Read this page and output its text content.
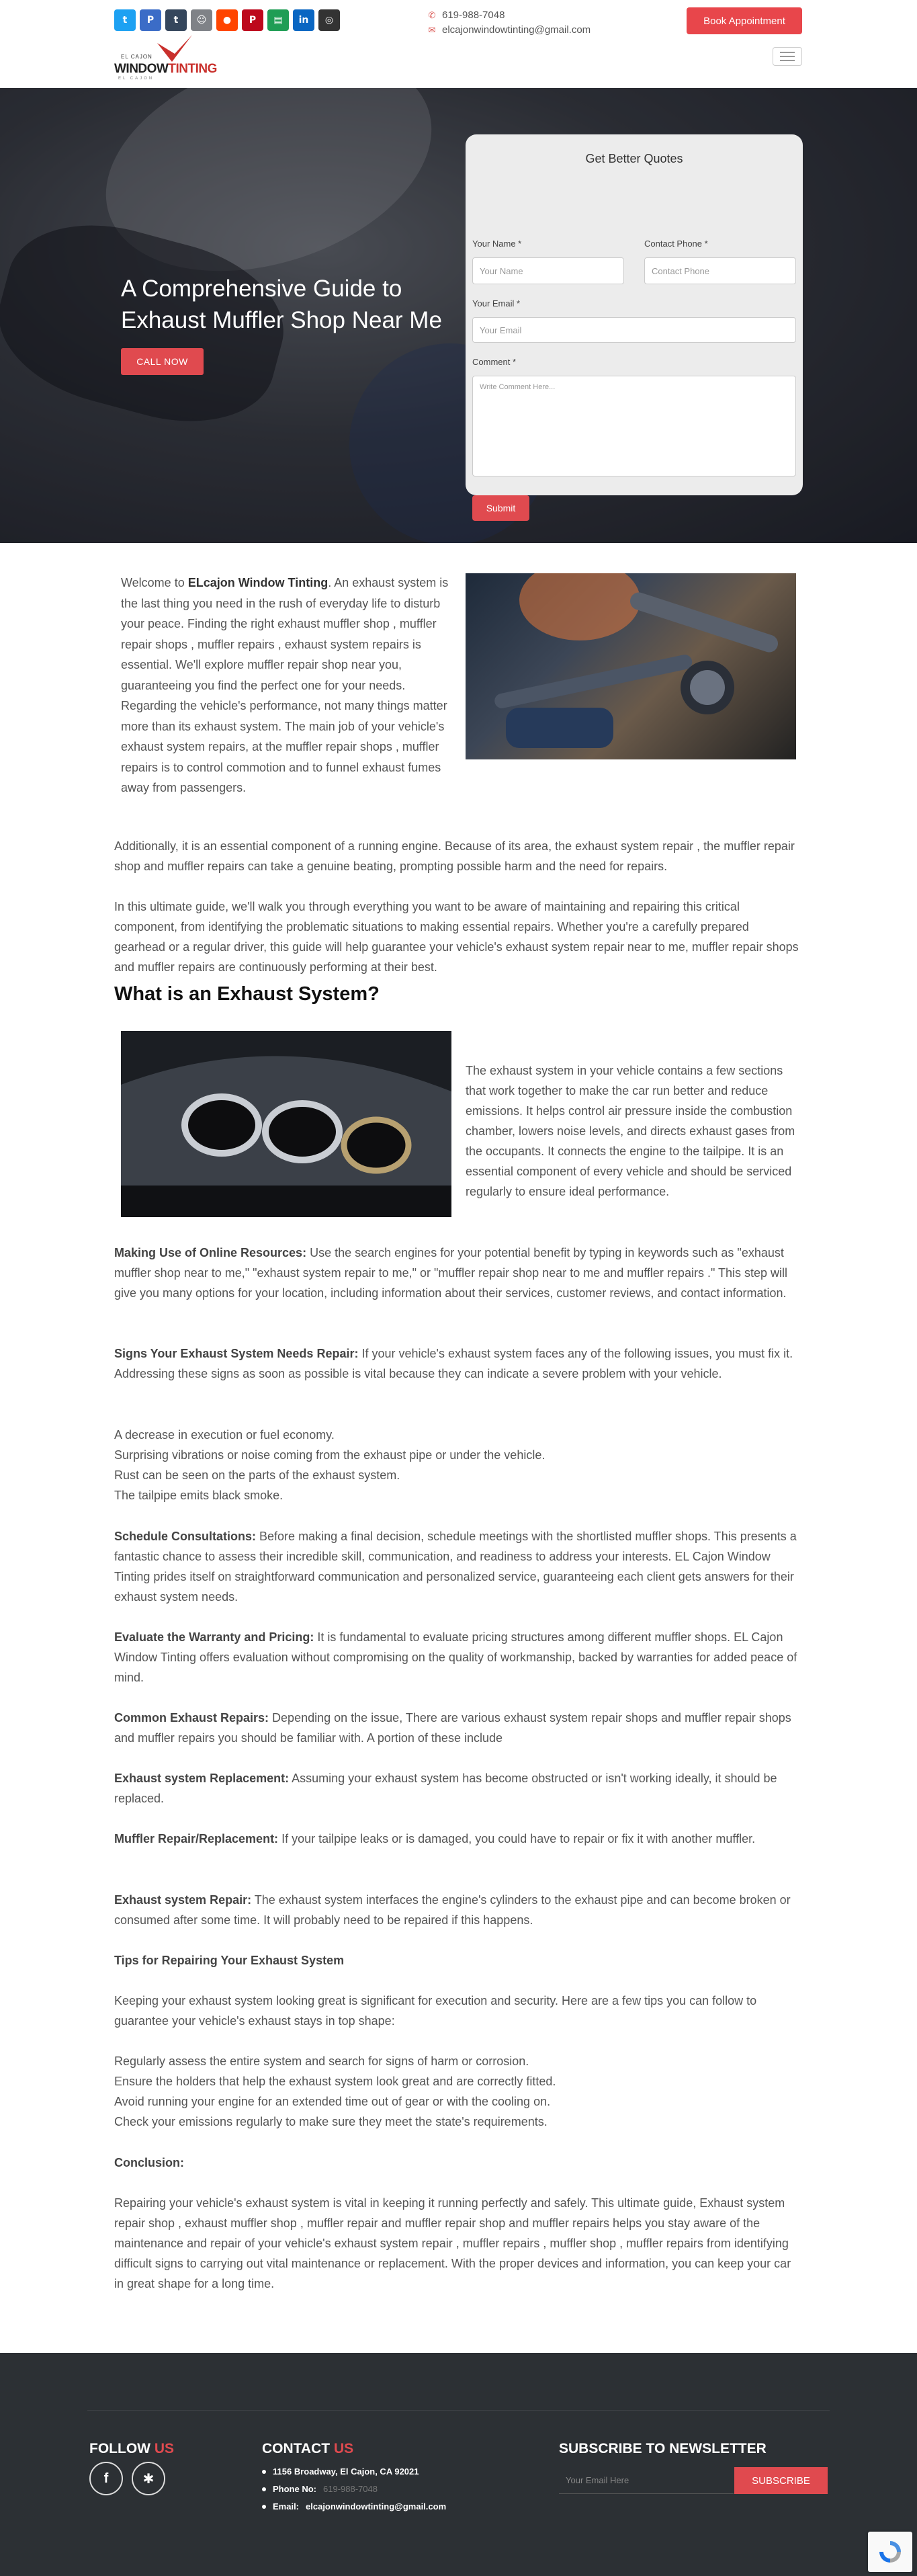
t	P	t	☺	●	P	▤	in	◎	✆ 619-988-7048
✉ elcajonwindowtinting@gmail.com
Book Appointment
EL CAJON
WINDOWTINTING
EL CAJON
A Comprehensive Guide to Exhaust Muffler Shop Near Me
CALL NOW
Get Better Quotes
Your Name *
Your Name
Contact Phone *
Contact Phone
Your Email *
Your Email
Comment *
Write Comment Here...
Submit
Welcome to ELcajon Window Tinting. An exhaust system is the last thing you need in the rush of everyday life to disturb your peace. Finding the right exhaust muffler shop , muffler repair shops , muffler repairs , exhaust system repairs is essential. We'll explore muffler repair shop near you, guaranteeing you find the perfect one for your needs. Regarding the vehicle's performance, not many things matter more than its exhaust system. The main job of your vehicle's exhaust system repairs, at the muffler repair shops , muffler repairs is to control commotion and to funnel exhaust fumes away from passengers.
Additionally, it is an essential component of a running engine. Because of its area, the exhaust system repair , the muffler repair shop and muffler repairs can take a genuine beating, prompting possible harm and the need for repairs.
In this ultimate guide, we'll walk you through everything you want to be aware of maintaining and repairing this critical component, from identifying the problematic situations to making essential repairs. Whether you're a carefully prepared gearhead or a regular driver, this guide will help guarantee your vehicle's exhaust system repair near to me, muffler repair shops and muffler repairs are continuously performing at their best.
What is an Exhaust System?
The exhaust system in your vehicle contains a few sections that work together to make the car run better and reduce emissions. It helps control air pressure inside the combustion chamber, lowers noise levels, and directs exhaust gases from the occupants. It connects the engine to the tailpipe. It is an essential component of every vehicle and should be serviced regularly to ensure ideal performance.
Making Use of Online Resources: Use the search engines for your potential benefit by typing in keywords such as "exhaust muffler shop near to me," "exhaust system repair to me," or "muffler repair shop near to me and muffler repairs ." This step will give you many options for your location, including information about their services, customer reviews, and contact information.
Signs Your Exhaust System Needs Repair: If your vehicle's exhaust system faces any of the following issues, you must fix it. Addressing these signs as soon as possible is vital because they can indicate a severe problem with your vehicle.
A decrease in execution or fuel economy.
Surprising vibrations or noise coming from the exhaust pipe or under the vehicle.
Rust can be seen on the parts of the exhaust system.
The tailpipe emits black smoke.
Schedule Consultations: Before making a final decision, schedule meetings with the shortlisted muffler shops. This presents a fantastic chance to assess their incredible skill, communication, and readiness to address your interests. EL Cajon Window Tinting prides itself on straightforward communication and personalized service, guaranteeing each client gets answers for their exhaust system needs.
Evaluate the Warranty and Pricing: It is fundamental to evaluate pricing structures among different muffler shops. EL Cajon Window Tinting offers evaluation without compromising on the quality of workmanship, backed by warranties for added peace of mind.
Common Exhaust Repairs: Depending on the issue, There are various exhaust system repair shops and muffler repair shops and muffler repairs you should be familiar with. A portion of these include
Exhaust system Replacement: Assuming your exhaust system has become obstructed or isn't working ideally, it should be replaced.
Muffler Repair/Replacement: If your tailpipe leaks or is damaged, you could have to repair or fix it with another muffler.
Exhaust system Repair: The exhaust system interfaces the engine's cylinders to the exhaust pipe and can become broken or consumed after some time. It will probably need to be repaired if this happens.
Tips for Repairing Your Exhaust System
Keeping your exhaust system looking great is significant for execution and security. Here are a few tips you can follow to guarantee your vehicle's exhaust stays in top shape:
Regularly assess the entire system and search for signs of harm or corrosion.
Ensure the holders that help the exhaust system look great and are correctly fitted.
Avoid running your engine for an extended time out of gear or with the cooling on.
Check your emissions regularly to make sure they meet the state's requirements.
Conclusion:
Repairing your vehicle's exhaust system is vital in keeping it running perfectly and safely. This ultimate guide, Exhaust system repair shop , exhaust muffler shop , muffler repair and muffler repair shop and muffler repairs helps you stay aware of the maintenance and repair of your vehicle's exhaust system repair , muffler repairs , muffler shop , muffler repairs from identifying difficult signs to carrying out vital maintenance or replacement. With the proper devices and information, you can keep your car in great shape for a long time.
FOLLOW US
f	✱
CONTACT US
1156 Broadway, El Cajon, CA 92021
Phone No: 619-988-7048
Email: elcajonwindowtinting@gmail.com
SUBSCRIBE TO NEWSLETTER
Your Email Here	SUBSCRIBE
